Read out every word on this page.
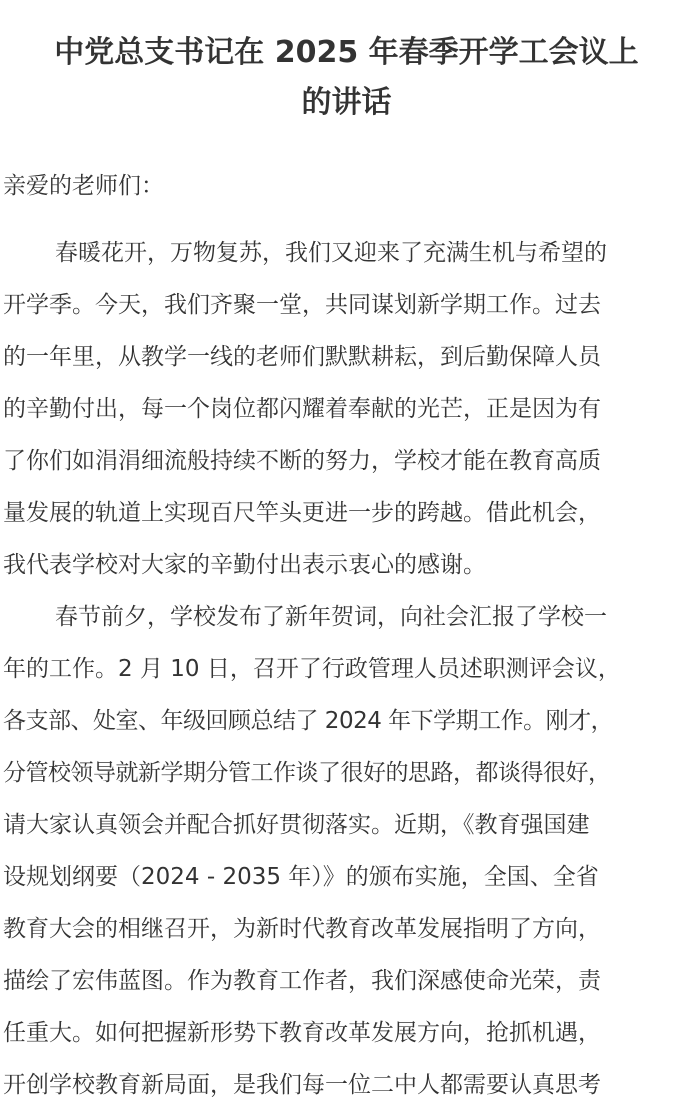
中党总支书记在 2025 年春季开学工会议上
的讲话

亲爱的老师们：

春暖花开，万物复苏，我们又迎来了充满生机与希望的
开学季。今天，我们齐聚一堂，共同谋划新学期工作。过去
的一年里，从教学一线的老师们默默耕耘，到后勤保障人员
的辛勤付出，每一个岗位都闪耀着奉献的光芒，正是因为有
了你们如涓涓细流般持续不断的努力，学校才能在教育高质
量发展的轨道上实现百尺竿头更进一步的跨越。借此机会，
我代表学校对大家的辛勤付出表示衷心的感谢。
春节前夕，学校发布了新年贺词，向社会汇报了学校一
年的工作。2 月 10 日，召开了行政管理人员述职测评会议，
各支部、处室、年级回顾总结了 2024 年下学期工作。刚才，
分管校领导就新学期分管工作谈了很好的思路，都谈得很好，
请大家认真领会并配合抓好贯彻落实。近期，《教育强国建
设规划纲要（2024 - 2035 年）》的颁布实施，全国、全省
教育大会的相继召开，为新时代教育改革发展指明了方向，
描绘了宏伟蓝图。作为教育工作者，我们深感使命光荣，责
任重大。如何把握新形势下教育改革发展方向，抢抓机遇，
开创学校教育新局面，是我们每一位二中人都需要认真思考
